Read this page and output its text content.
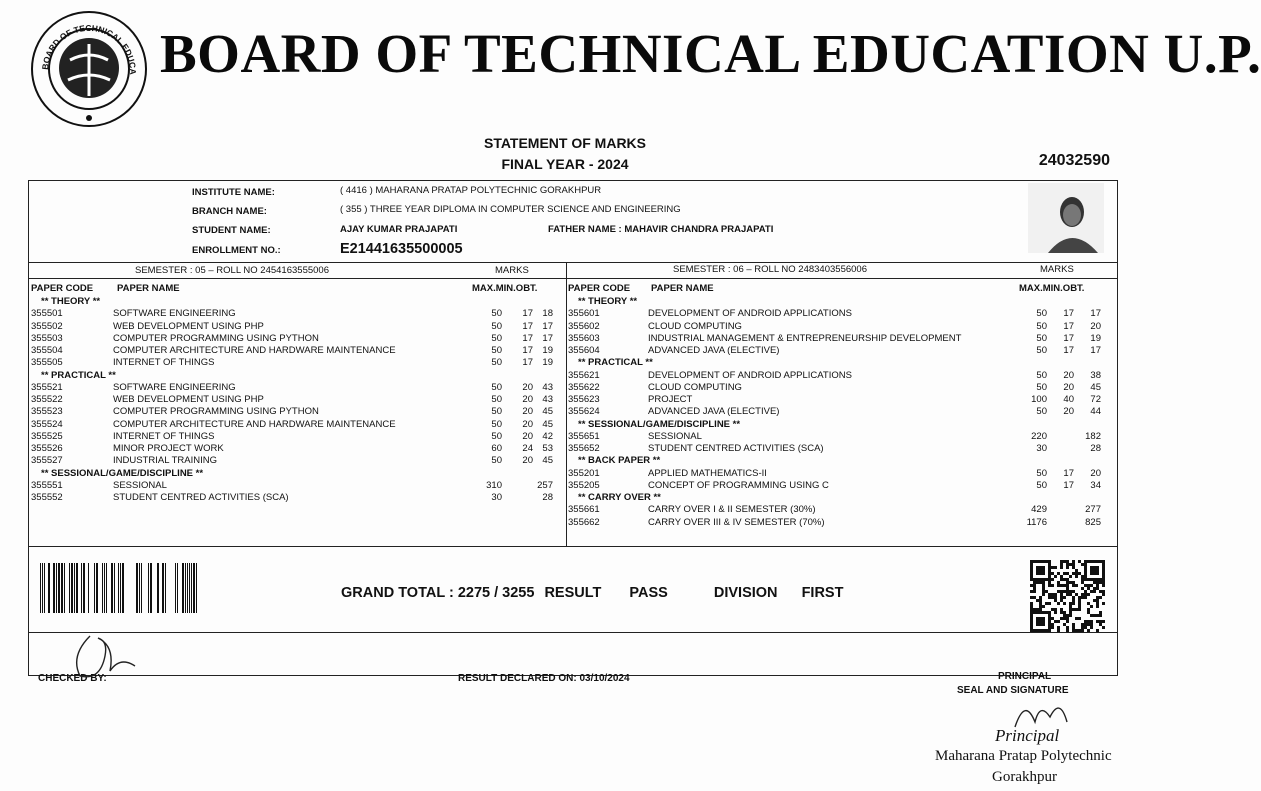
BOARD OF TECHNICAL EDUCA BOARD OF TECHNICAL EDUCATION U.P.
STATEMENT OF MARKS
FINAL YEAR - 2024	24032590
INSTITUTE NAME:	( 4416 ) MAHARANA PRATAP POLYTECHNIC GORAKHPUR
BRANCH NAME:	( 355 ) THREE YEAR DIPLOMA IN COMPUTER SCIENCE AND ENGINEERING
STUDENT NAME:	AJAY KUMAR PRAJAPATI	FATHER NAME : MAHAVIR CHANDRA PRAJAPATI
ENROLLMENT NO.:	E21441635500005
SEMESTER : 05 – ROLL NO 2454163555006	MARKS	SEMESTER : 06 – ROLL NO 2483403556006	MARKS
PAPER CODE	PAPER NAME	MAX.MIN.OBT.	PAPER CODE PAPER NAME	MAX.MIN.OBT.
** THEORY **
355501	SOFTWARE ENGINEERING	50 17 18
355502	WEB DEVELOPMENT USING PHP	50 17 17
355503	COMPUTER PROGRAMMING USING PYTHON	50 17 17
355504	COMPUTER ARCHITECTURE AND HARDWARE MAINTENANCE	50 17 19
355505	INTERNET OF THINGS	50 17 19
** PRACTICAL **
355521	SOFTWARE ENGINEERING	50 20 43
355522	WEB DEVELOPMENT USING PHP	50 20 43
355523	COMPUTER PROGRAMMING USING PYTHON	50 20 45
355524	COMPUTER ARCHITECTURE AND HARDWARE MAINTENANCE	50 20 45
355525	INTERNET OF THINGS	50 20 42
355526	MINOR PROJECT WORK	60 24 53
355527	INDUSTRIAL TRAINING	50 20 45
** SESSIONAL/GAME/DISCIPLINE **
355551	SESSIONAL	310	257
355552	STUDENT CENTRED ACTIVITIES (SCA)	30	28
** THEORY **
355601	DEVELOPMENT OF ANDROID APPLICATIONS	50 17 17
355602	CLOUD COMPUTING	50 17 20
355603	INDUSTRIAL MANAGEMENT & ENTREPRENEURSHIP DEVELOPMENT	50 17 19
355604	ADVANCED JAVA (ELECTIVE)	50 17 17
** PRACTICAL **
355621	DEVELOPMENT OF ANDROID APPLICATIONS	50 20 38
355622	CLOUD COMPUTING	50 20 45
355623	PROJECT	100 40 72
355624	ADVANCED JAVA (ELECTIVE)	50 20 44
** SESSIONAL/GAME/DISCIPLINE **
355651	SESSIONAL	220	182
355652	STUDENT CENTRED ACTIVITIES (SCA)	30	28
** BACK PAPER **
355201	APPLIED MATHEMATICS-II	50 17 20
355205	CONCEPT OF PROGRAMMING USING C	50 17 34
** CARRY OVER **
355661	CARRY OVER I & II SEMESTER (30%)	429	277
355662	CARRY OVER III & IV SEMESTER (70%)	1176	825
GRAND TOTAL : 2275 / 3255 RESULT PASS	DIVISION FIRST
CHECKED BY:	RESULT DECLARED ON: 03/10/2024	PRINCIPAL
SEAL AND SIGNATURE
Principal
Maharana Pratap Polytechnic
Gorakhpur
